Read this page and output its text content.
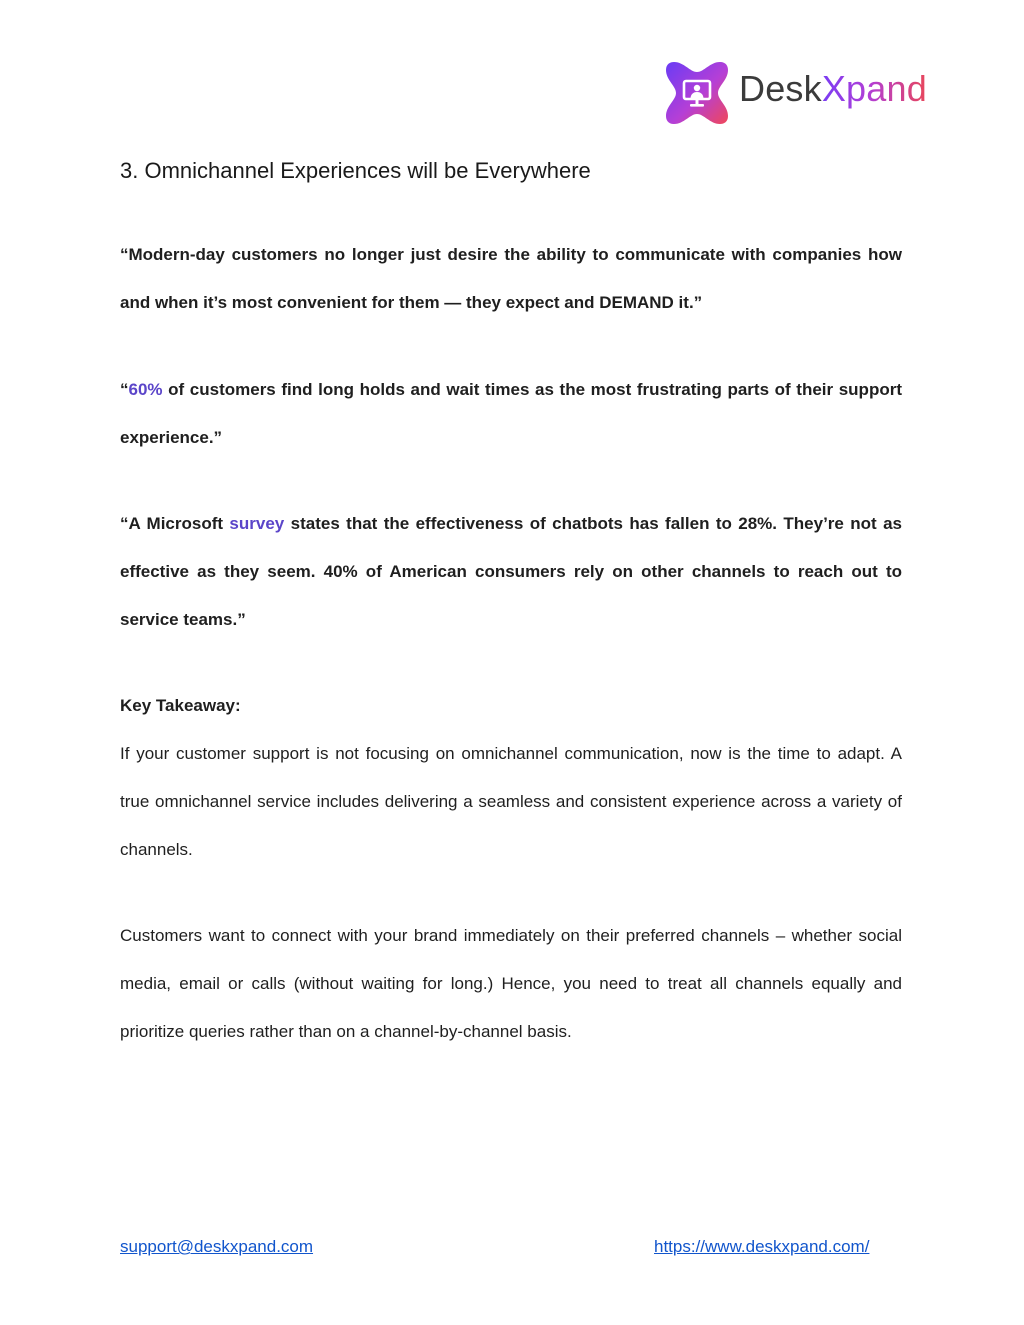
DeskXpand
3. Omnichannel Experiences will be Everywhere

“Modern-day customers no longer just desire the ability to communicate with companies how and when it’s most convenient for them — they expect and DEMAND it.”

“60% of customers find long holds and wait times as the most frustrating parts of their support experience.”

“A Microsoft survey states that the effectiveness of chatbots has fallen to 28%. They’re not as effective as they seem. 40% of American consumers rely on other channels to reach out to service teams.”

Key Takeaway:

If your customer support is not focusing on omnichannel communication, now is the time to adapt. A true omnichannel service includes delivering a seamless and consistent experience across a variety of channels.

Customers want to connect with your brand immediately on their preferred channels – whether social media, email or calls (without waiting for long.) Hence, you need to treat all channels equally and prioritize queries rather than on a channel-by-channel basis.

support@deskxpand.com	https://www.deskxpand.com/
